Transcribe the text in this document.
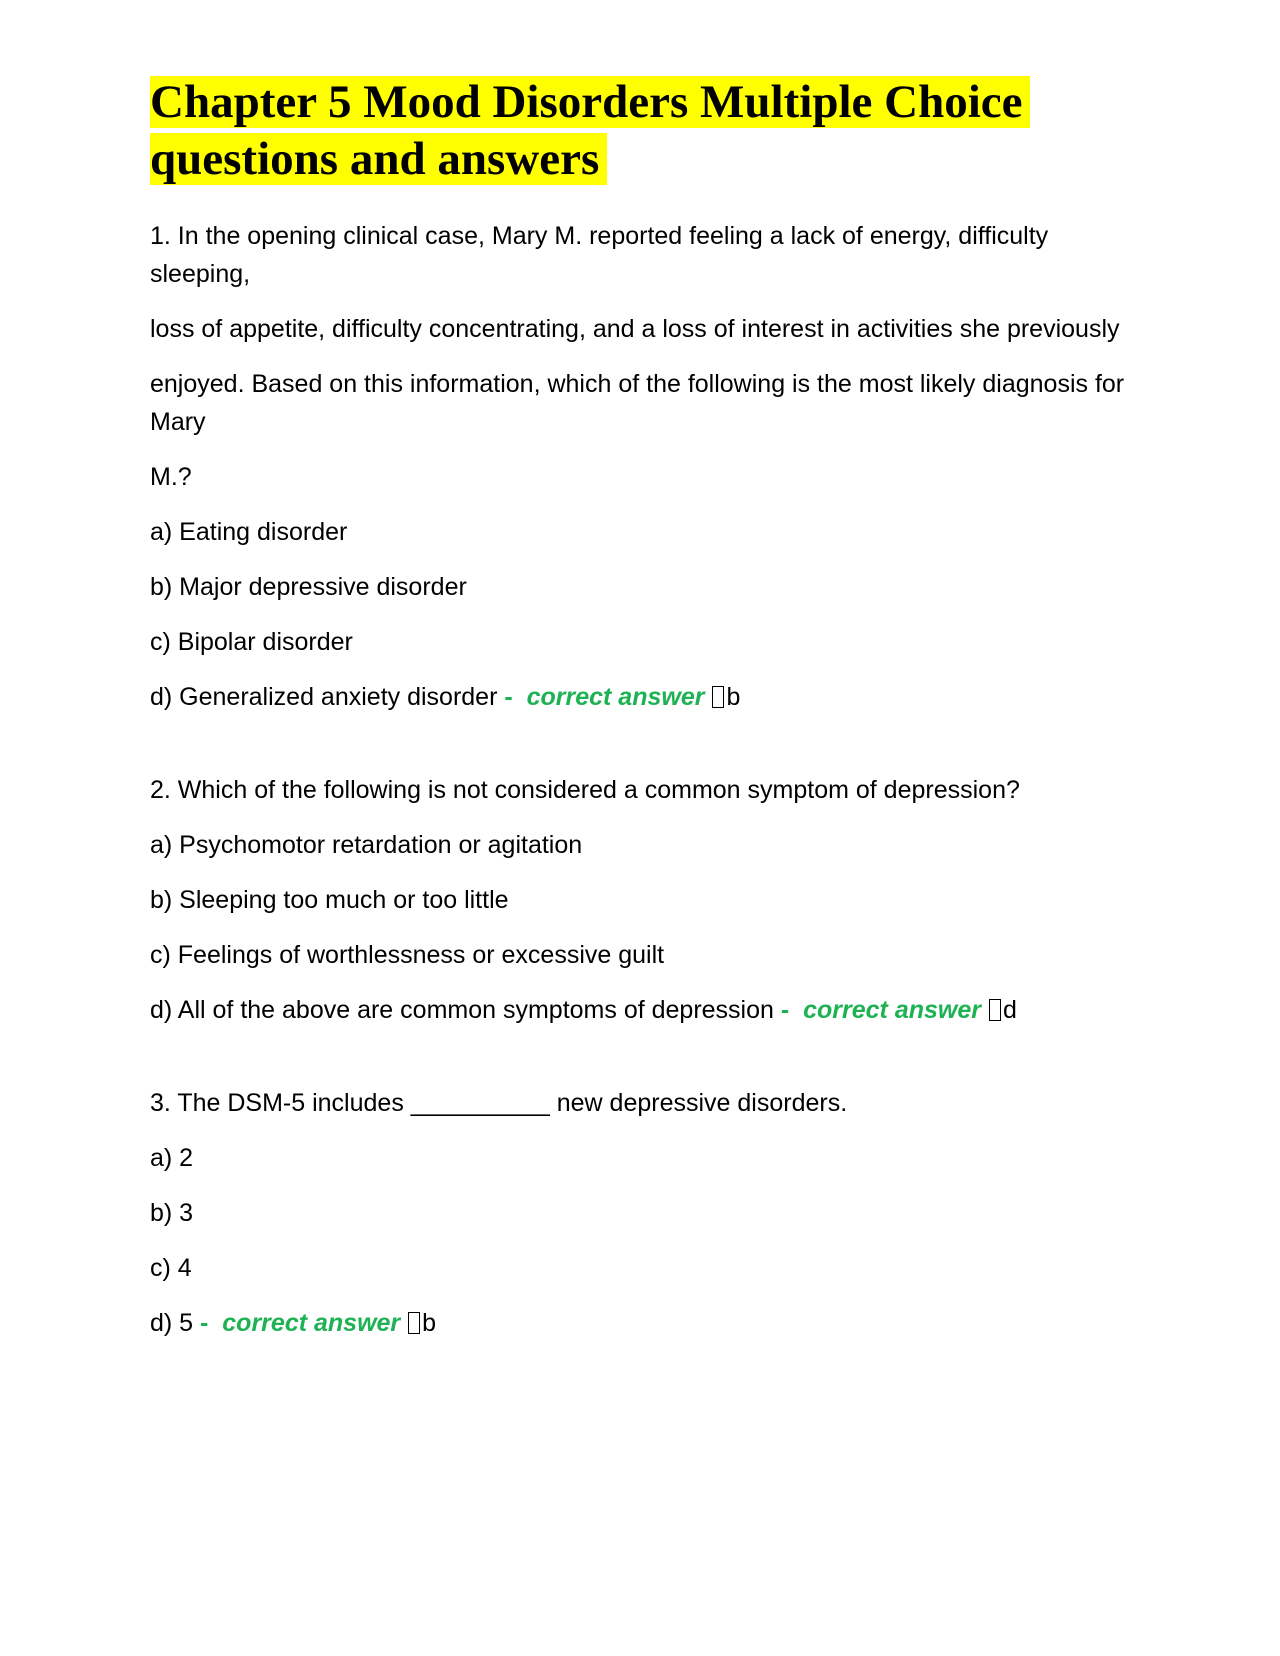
Chapter 5 Mood Disorders Multiple Choice questions and answers

1. In the opening clinical case, Mary M. reported feeling a lack of energy, difficulty sleeping,

loss of appetite, difficulty concentrating, and a loss of interest in activities she previously

enjoyed. Based on this information, which of the following is the most likely diagnosis for Mary

M.?

a) Eating disorder

b) Major depressive disorder

c) Bipolar disorder

d) Generalized anxiety disorder - correct answer b

2. Which of the following is not considered a common symptom of depression?

a) Psychomotor retardation or agitation

b) Sleeping too much or too little

c) Feelings of worthlessness or excessive guilt

d) All of the above are common symptoms of depression - correct answer d

3. The DSM-5 includes __________ new depressive disorders.

a) 2

b) 3

c) 4

d) 5 - correct answer b
